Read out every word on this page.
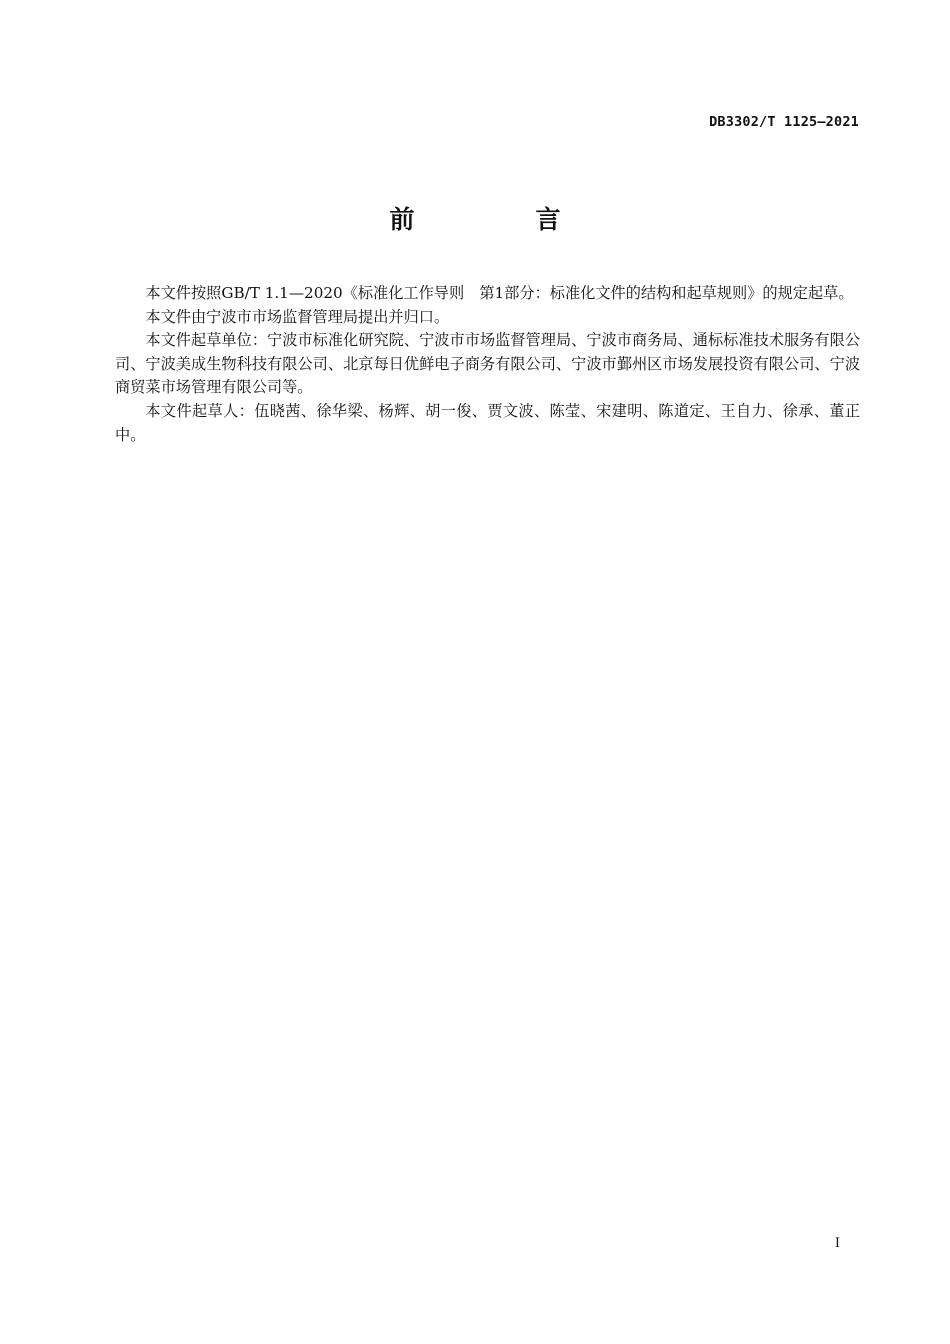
DB3302/T 1125—2021
前　言

本文件按照GB/T 1.1—2020《标准化工作导则　第1部分：标准化文件的结构和起草规则》的规定起草。

本文件由宁波市市场监督管理局提出并归口。

本文件起草单位：宁波市标准化研究院、宁波市市场监督管理局、宁波市商务局、通标标准技术服务有限公司、宁波美成生物科技有限公司、北京每日优鲜电子商务有限公司、宁波市鄞州区市场发展投资有限公司、宁波商贸菜市场管理有限公司等。

本文件起草人：伍晓茜、徐华梁、杨辉、胡一俊、贾文波、陈莹、宋建明、陈道定、王自力、徐承、董正中。

I
